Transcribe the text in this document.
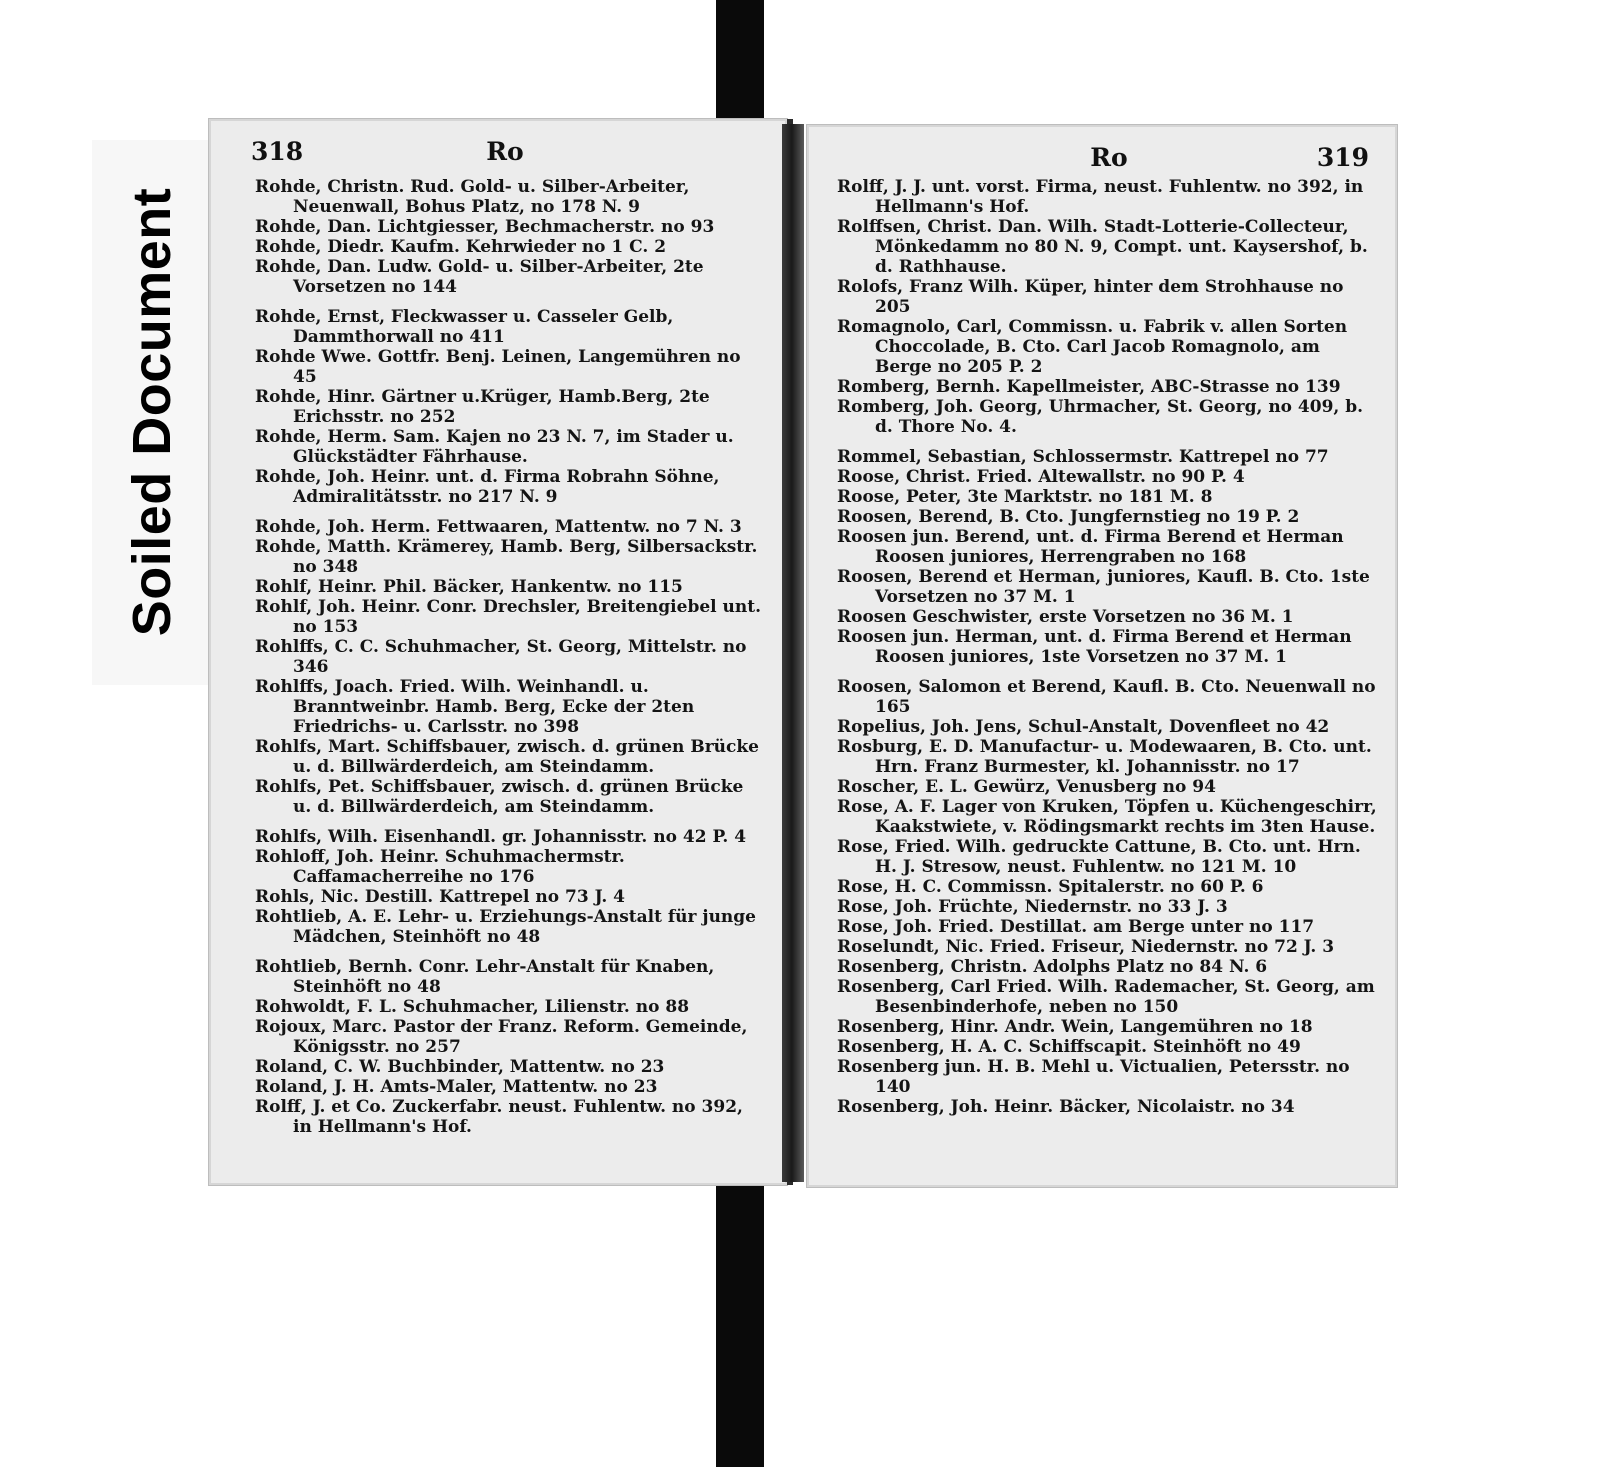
Soiled Document
318	Ro
Rohde, Christn. Rud. Gold- u. Silber-Arbeiter, Neuenwall, Bohus Platz, no 178 N. 9
Rohde, Dan. Lichtgiesser, Bechmacherstr. no 93
Rohde, Diedr. Kaufm. Kehrwieder no 1 C. 2
Rohde, Dan. Ludw. Gold- u. Silber-Arbeiter, 2te Vorsetzen no 144
Rohde, Ernst, Fleckwasser u. Casseler Gelb, Dammthorwall no 411
Rohde Wwe. Gottfr. Benj. Leinen, Langemühren no 45
Rohde, Hinr. Gärtner u.Krüger, Hamb.Berg, 2te Erichsstr. no 252
Rohde, Herm. Sam. Kajen no 23 N. 7, im Stader u. Glückstädter Fährhause.
Rohde, Joh. Heinr. unt. d. Firma Robrahn Söhne, Admiralitätsstr. no 217 N. 9
Rohde, Joh. Herm. Fettwaaren, Mattentw. no 7 N. 3
Rohde, Matth. Krämerey, Hamb. Berg, Silbersackstr. no 348
Rohlf, Heinr. Phil. Bäcker, Hankentw. no 115
Rohlf, Joh. Heinr. Conr. Drechsler, Breitengiebel unt. no 153
Rohlffs, C. C. Schuhmacher, St. Georg, Mittelstr. no 346
Rohlffs, Joach. Fried. Wilh. Weinhandl. u. Branntweinbr. Hamb. Berg, Ecke der 2ten Friedrichs- u. Carlsstr. no 398
Rohlfs, Mart. Schiffsbauer, zwisch. d. grünen Brücke u. d. Billwärderdeich, am Steindamm.
Rohlfs, Pet. Schiffsbauer, zwisch. d. grünen Brücke u. d. Billwärderdeich, am Steindamm.
Rohlfs, Wilh. Eisenhandl. gr. Johannisstr. no 42 P. 4
Rohloff, Joh. Heinr. Schuhmachermstr. Caffamacherreihe no 176
Rohls, Nic. Destill. Kattrepel no 73 J. 4
Rohtlieb, A. E. Lehr- u. Erziehungs-Anstalt für junge Mädchen, Steinhöft no 48
Rohtlieb, Bernh. Conr. Lehr-Anstalt für Knaben, Steinhöft no 48
Rohwoldt, F. L. Schuhmacher, Lilienstr. no 88
Rojoux, Marc. Pastor der Franz. Reform. Gemeinde, Königsstr. no 257
Roland, C. W. Buchbinder, Mattentw. no 23
Roland, J. H. Amts-Maler, Mattentw. no 23
Rolff, J. et Co. Zuckerfabr. neust. Fuhlentw. no 392, in Hellmann's Hof.
Ro	319
Rolff, J. J. unt. vorst. Firma, neust. Fuhlentw. no 392, in Hellmann's Hof.
Rolffsen, Christ. Dan. Wilh. Stadt-Lotterie-Collecteur, Mönkedamm no 80 N. 9, Compt. unt. Kaysershof, b. d. Rathhause.
Rolofs, Franz Wilh. Küper, hinter dem Strohhause no 205
Romagnolo, Carl, Commissn. u. Fabrik v. allen Sorten Choccolade, B. Cto. Carl Jacob Romagnolo, am Berge no 205 P. 2
Romberg, Bernh. Kapellmeister, ABC-Strasse no 139
Romberg, Joh. Georg, Uhrmacher, St. Georg, no 409, b. d. Thore No. 4.
Rommel, Sebastian, Schlossermstr. Kattrepel no 77
Roose, Christ. Fried. Altewallstr. no 90 P. 4
Roose, Peter, 3te Marktstr. no 181 M. 8
Roosen, Berend, B. Cto. Jungfernstieg no 19 P. 2
Roosen jun. Berend, unt. d. Firma Berend et Herman Roosen juniores, Herrengraben no 168
Roosen, Berend et Herman, juniores, Kaufl. B. Cto. 1ste Vorsetzen no 37 M. 1
Roosen Geschwister, erste Vorsetzen no 36 M. 1
Roosen jun. Herman, unt. d. Firma Berend et Herman Roosen juniores, 1ste Vorsetzen no 37 M. 1
Roosen, Salomon et Berend, Kaufl. B. Cto. Neuenwall no 165
Ropelius, Joh. Jens, Schul-Anstalt, Dovenfleet no 42
Rosburg, E. D. Manufactur- u. Modewaaren, B. Cto. unt. Hrn. Franz Burmester, kl. Johannisstr. no 17
Roscher, E. L. Gewürz, Venusberg no 94
Rose, A. F. Lager von Kruken, Töpfen u. Küchengeschirr, Kaakstwiete, v. Rödingsmarkt rechts im 3ten Hause.
Rose, Fried. Wilh. gedruckte Cattune, B. Cto. unt. Hrn. H. J. Stresow, neust. Fuhlentw. no 121 M. 10
Rose, H. C. Commissn. Spitalerstr. no 60 P. 6
Rose, Joh. Früchte, Niedernstr. no 33 J. 3
Rose, Joh. Fried. Destillat. am Berge unter no 117
Roselundt, Nic. Fried. Friseur, Niedernstr. no 72 J. 3
Rosenberg, Christn. Adolphs Platz no 84 N. 6
Rosenberg, Carl Fried. Wilh. Rademacher, St. Georg, am Besenbinderhofe, neben no 150
Rosenberg, Hinr. Andr. Wein, Langemühren no 18
Rosenberg, H. A. C. Schiffscapit. Steinhöft no 49
Rosenberg jun. H. B. Mehl u. Victualien, Petersstr. no 140
Rosenberg, Joh. Heinr. Bäcker, Nicolaistr. no 34
